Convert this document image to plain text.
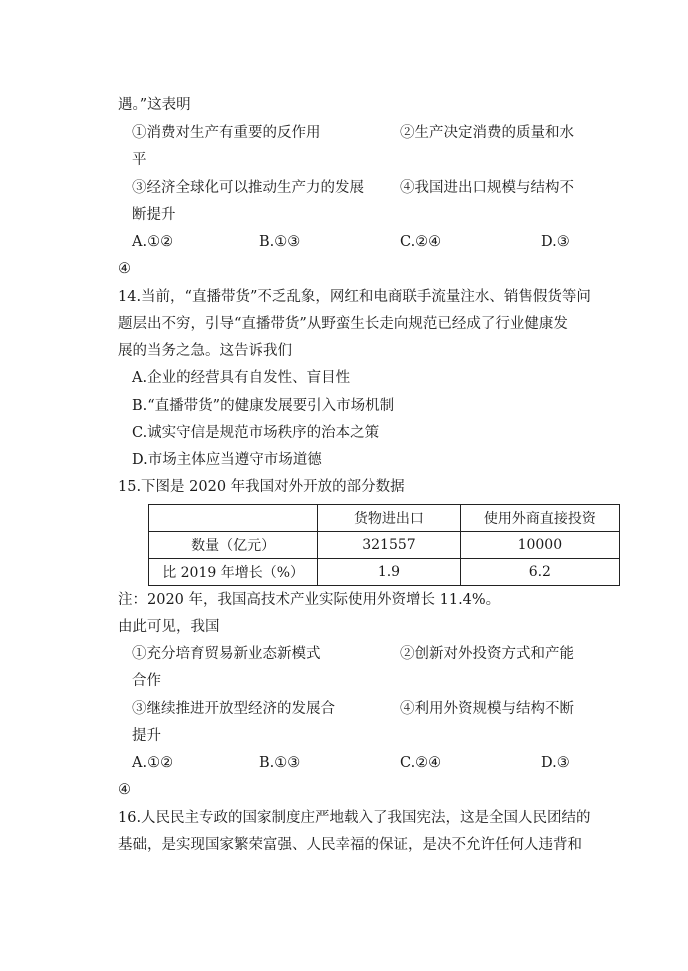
遇。”这表明
①消费对生产有重要的反作用	②生产决定消费的质量和水
平
③经济全球化可以推动生产力的发展 ④我国进出口规模与结构不
断提升
A.①②	B.①③	C.②④	D.③
④
14.当前，“直播带货”不乏乱象，网红和电商联手流量注水、销售假货等问
题层出不穷，引导“直播带货”从野蛮生长走向规范已经成了行业健康发
展的当务之急。这告诉我们
A.企业的经营具有自发性、盲目性
B.“直播带货”的健康发展要引入市场机制
C.诚实守信是规范市场秩序的治本之策
D.市场主体应当遵守市场道德
15.下图是 2020 年我国对外开放的部分数据
	货物进出口	使用外商直接投资
数量（亿元）	321557	10000
比 2019 年增长（%）	1.9	6.2
注：2020 年，我国高技术产业实际使用外资增长 11.4%。
由此可见，我国
①充分培育贸易新业态新模式	②创新对外投资方式和产能
合作
③继续推进开放型经济的发展合	④利用外资规模与结构不断
提升
A.①②	B.①③	C.②④	D.③
④
16.人民民主专政的国家制度庄严地载入了我国宪法，这是全国人民团结的
基础，是实现国家繁荣富强、人民幸福的保证，是决不允许任何人违背和
